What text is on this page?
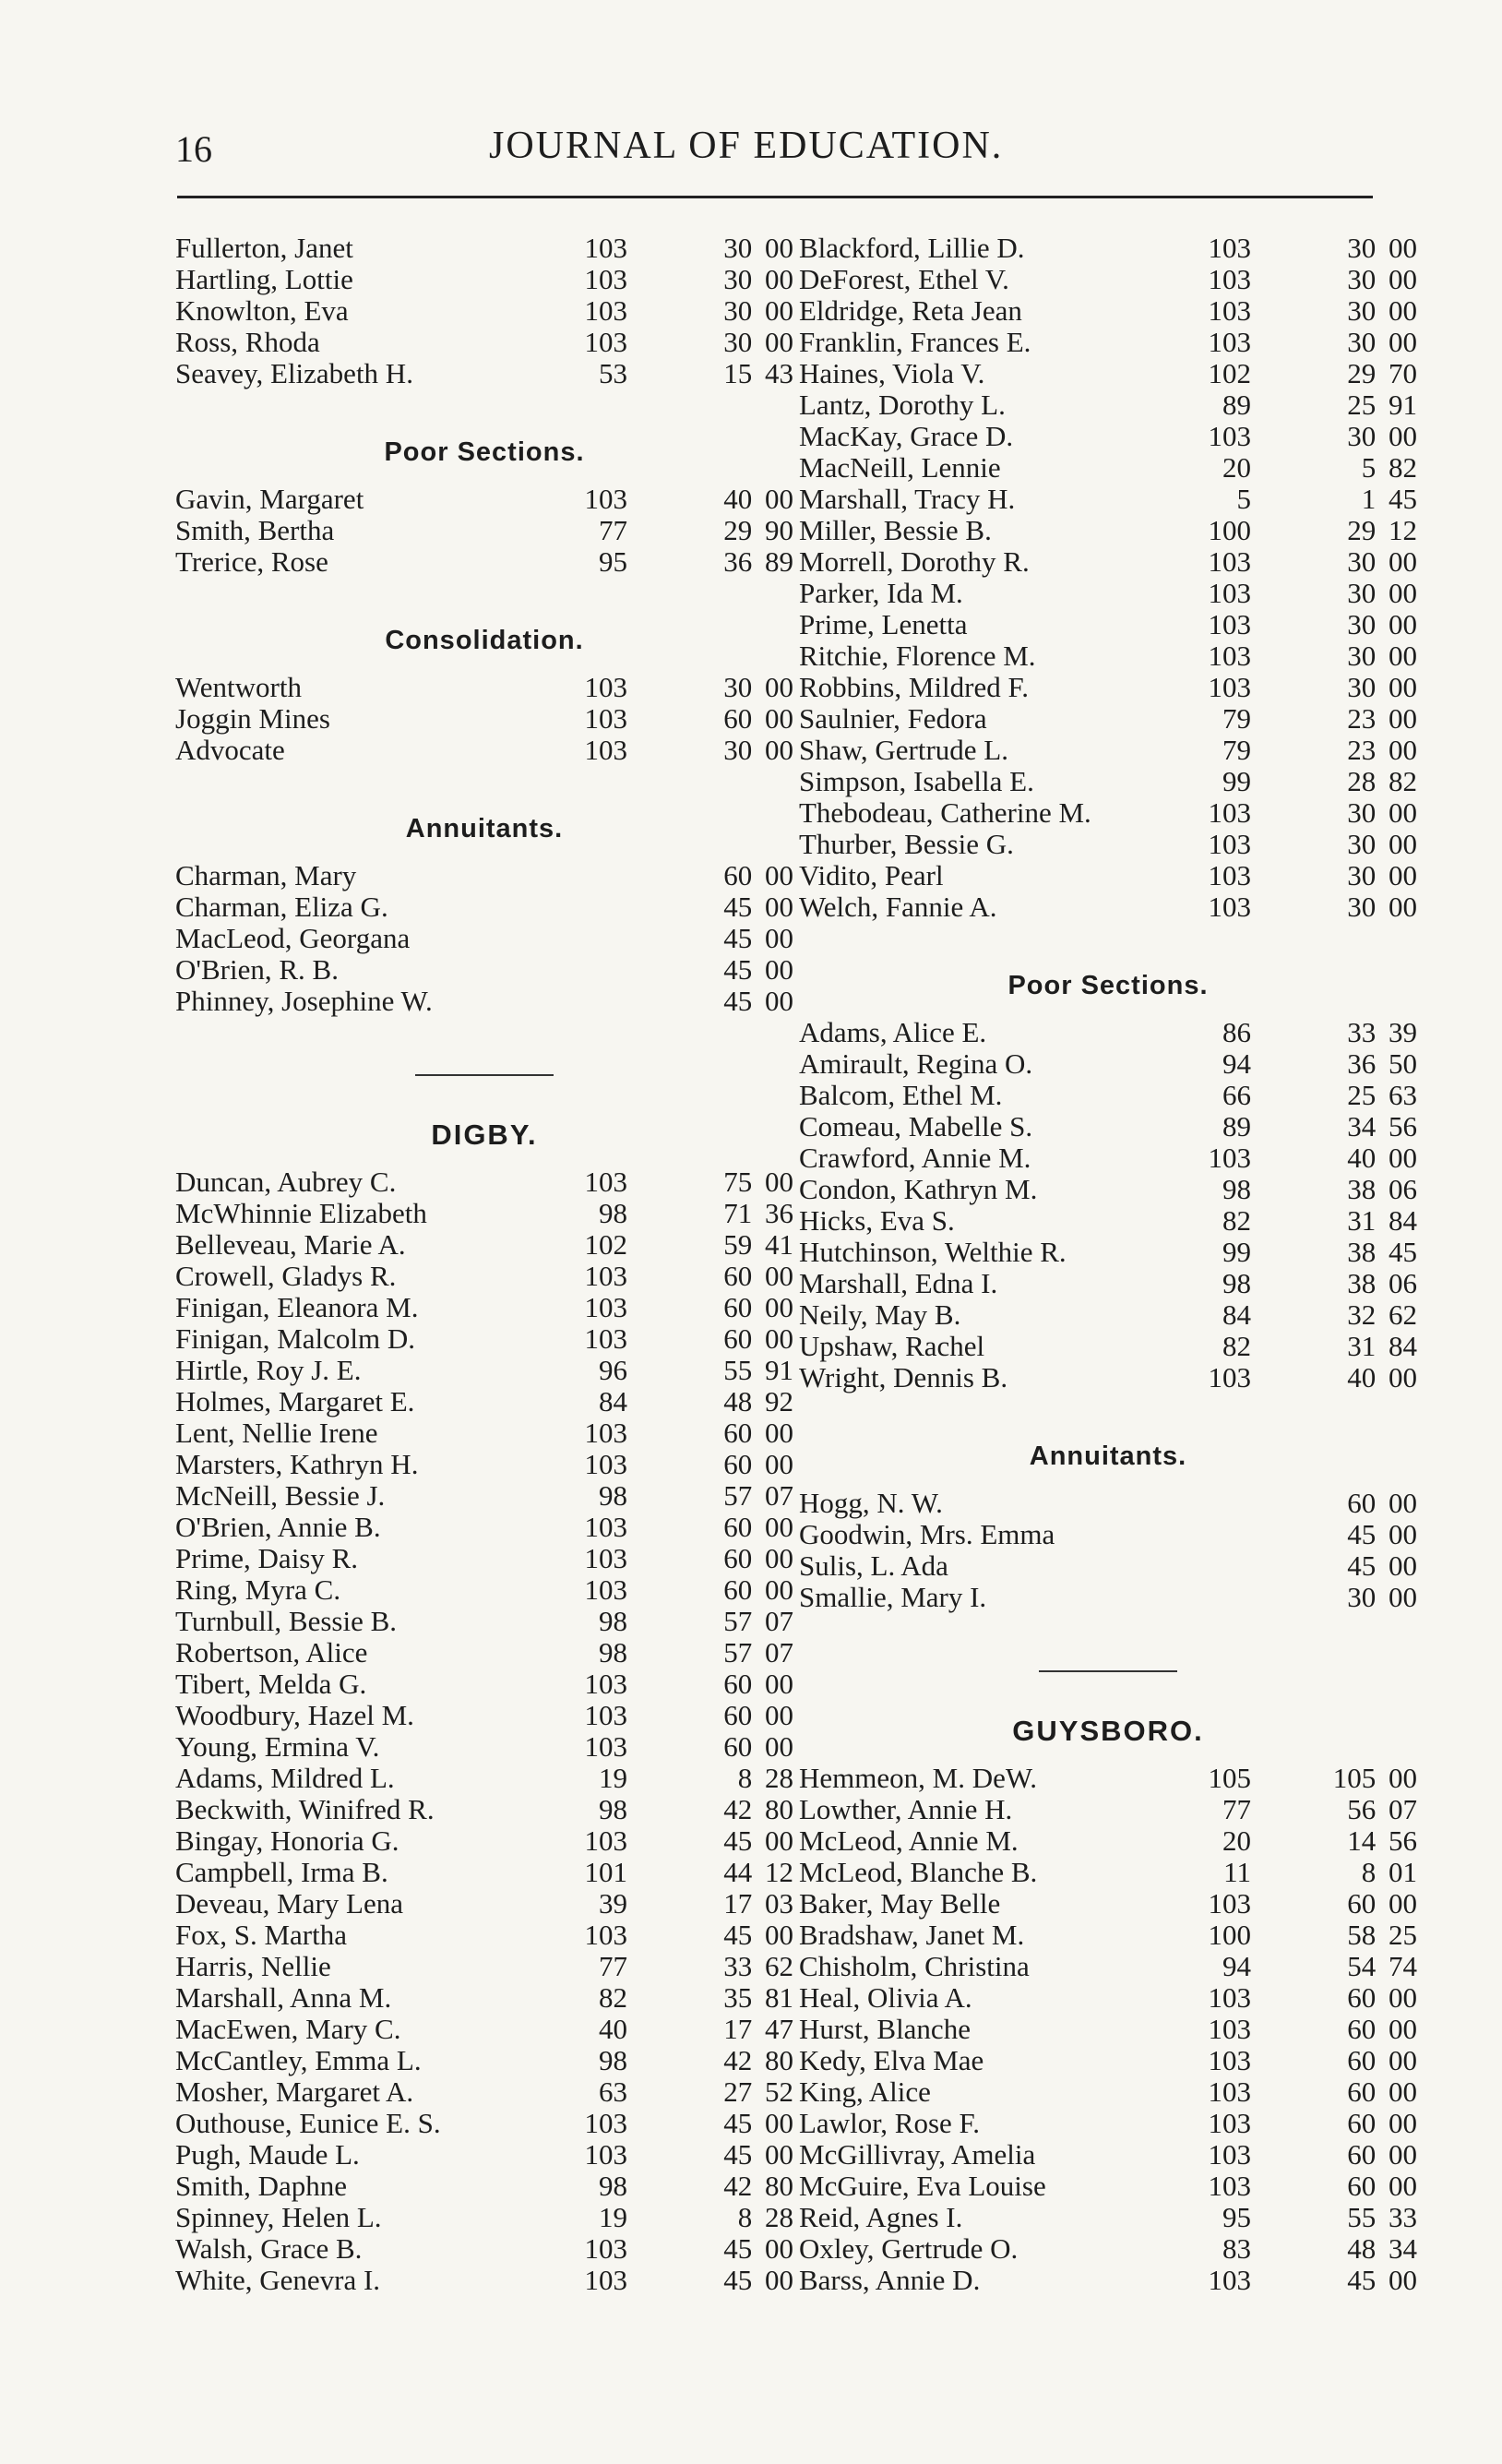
16	JOURNAL OF EDUCATION.
Fullerton, Janet	103	30 00
Hartling, Lottie	103	30 00
Knowlton, Eva	103	30 00
Ross, Rhoda	103	30 00
Seavey, Elizabeth H.	53	15 43
Poor Sections.
Gavin, Margaret	103	40 00
Smith, Bertha	77	29 90
Trerice, Rose	95	36 89
Consolidation.
Wentworth	103	30 00
Joggin Mines	103	60 00
Advocate	103	30 00
Annuitants.
Charman, Mary	60 00
Charman, Eliza G.	45 00
MacLeod, Georgana	45 00
O'Brien, R. B.	45 00
Phinney, Josephine W.	45 00
DIGBY.
Duncan, Aubrey C.	103	75 00
McWhinnie Elizabeth	98	71 36
Belleveau, Marie A.	102	59 41
Crowell, Gladys R.	103	60 00
Finigan, Eleanora M.	103	60 00
Finigan, Malcolm D.	103	60 00
Hirtle, Roy J. E.	96	55 91
Holmes, Margaret E.	84	48 92
Lent, Nellie Irene	103	60 00
Marsters, Kathryn H.	103	60 00
McNeill, Bessie J.	98	57 07
O'Brien, Annie B.	103	60 00
Prime, Daisy R.	103	60 00
Ring, Myra C.	103	60 00
Turnbull, Bessie B.	98	57 07
Robertson, Alice	98	57 07
Tibert, Melda G.	103	60 00
Woodbury, Hazel M.	103	60 00
Young, Ermina V.	103	60 00
Adams, Mildred L.	19	8 28
Beckwith, Winifred R.	98	42 80
Bingay, Honoria G.	103	45 00
Campbell, Irma B.	101	44 12
Deveau, Mary Lena	39	17 03
Fox, S. Martha	103	45 00
Harris, Nellie	77	33 62
Marshall, Anna M.	82	35 81
MacEwen, Mary C.	40	17 47
McCantley, Emma L.	98	42 80
Mosher, Margaret A.	63	27 52
Outhouse, Eunice E. S.	103	45 00
Pugh, Maude L.	103	45 00
Smith, Daphne	98	42 80
Spinney, Helen L.	19	8 28
Walsh, Grace B.	103	45 00
White, Genevra I.	103	45 00
Blackford, Lillie D.	103	30 00
DeForest, Ethel V.	103	30 00
Eldridge, Reta Jean	103	30 00
Franklin, Frances E.	103	30 00
Haines, Viola V.	102	29 70
Lantz, Dorothy L.	89	25 91
MacKay, Grace D.	103	30 00
MacNeill, Lennie	20	5 82
Marshall, Tracy H.	5	1 45
Miller, Bessie B.	100	29 12
Morrell, Dorothy R.	103	30 00
Parker, Ida M.	103	30 00
Prime, Lenetta	103	30 00
Ritchie, Florence M.	103	30 00
Robbins, Mildred F.	103	30 00
Saulnier, Fedora	79	23 00
Shaw, Gertrude L.	79	23 00
Simpson, Isabella E.	99	28 82
Thebodeau, Catherine M.	103	30 00
Thurber, Bessie G.	103	30 00
Vidito, Pearl	103	30 00
Welch, Fannie A.	103	30 00
Poor Sections.
Adams, Alice E.	86	33 39
Amirault, Regina O.	94	36 50
Balcom, Ethel M.	66	25 63
Comeau, Mabelle S.	89	34 56
Crawford, Annie M.	103	40 00
Condon, Kathryn M.	98	38 06
Hicks, Eva S.	82	31 84
Hutchinson, Welthie R.	99	38 45
Marshall, Edna I.	98	38 06
Neily, May B.	84	32 62
Upshaw, Rachel	82	31 84
Wright, Dennis B.	103	40 00
Annuitants.
Hogg, N. W.	60 00
Goodwin, Mrs. Emma	45 00
Sulis, L. Ada	45 00
Smallie, Mary I.	30 00
GUYSBORO.
Hemmeon, M. DeW.	105	105 00
Lowther, Annie H.	77	56 07
McLeod, Annie M.	20	14 56
McLeod, Blanche B.	11	8 01
Baker, May Belle	103	60 00
Bradshaw, Janet M.	100	58 25
Chisholm, Christina	94	54 74
Heal, Olivia A.	103	60 00
Hurst, Blanche	103	60 00
Kedy, Elva Mae	103	60 00
King, Alice	103	60 00
Lawlor, Rose F.	103	60 00
McGillivray, Amelia	103	60 00
McGuire, Eva Louise	103	60 00
Reid, Agnes I.	95	55 33
Oxley, Gertrude O.	83	48 34
Barss, Annie D.	103	45 00
